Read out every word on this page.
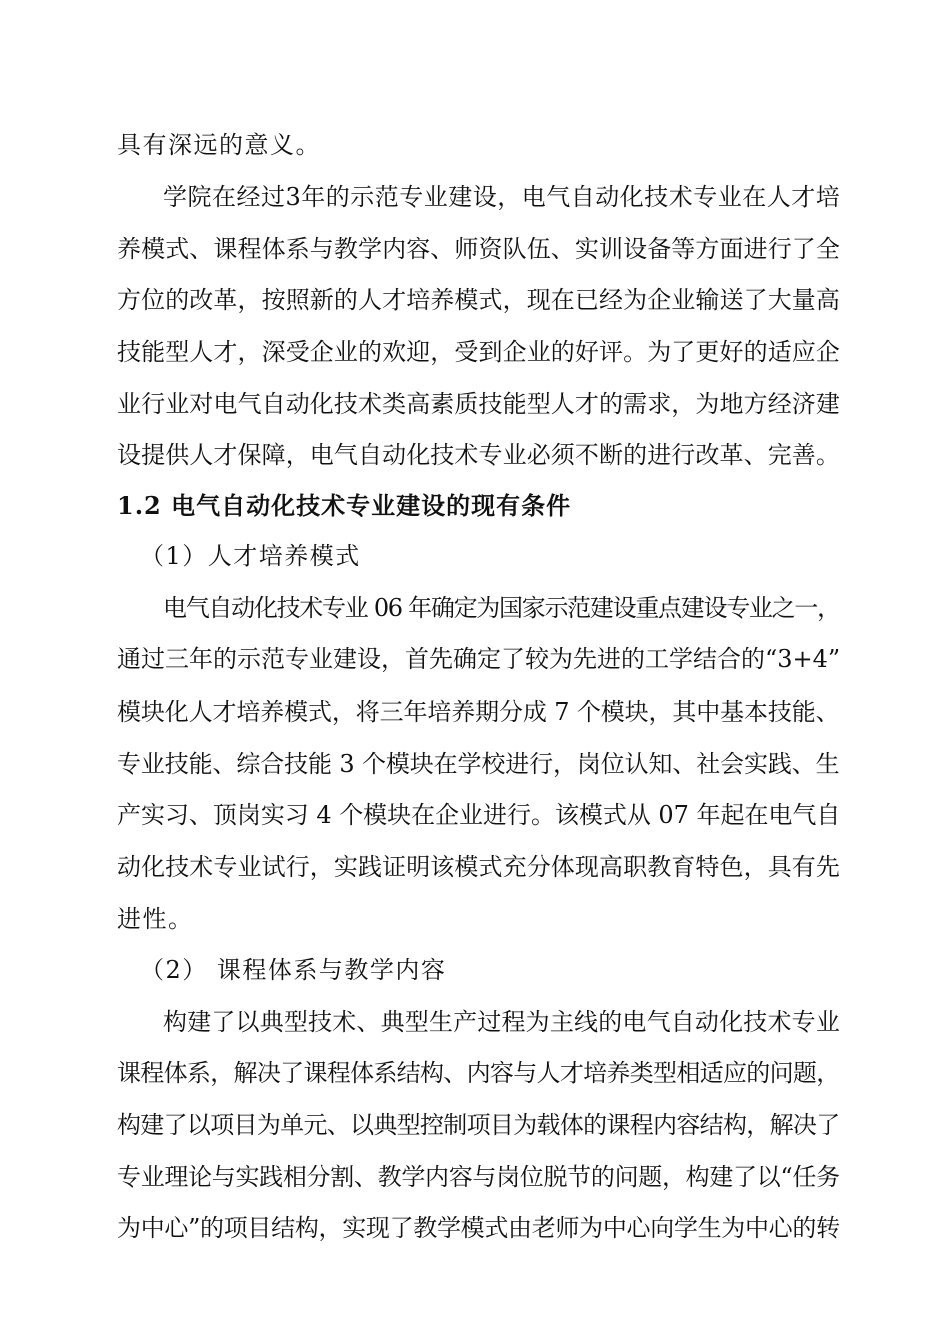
具有深远的意义。
学院在经过3年的示范专业建设，电气自动化技术专业在人才培
养模式、课程体系与教学内容、师资队伍、实训设备等方面进行了全
方位的改革，按照新的人才培养模式，现在已经为企业输送了大量高
技能型人才，深受企业的欢迎，受到企业的好评。为了更好的适应企
业行业对电气自动化技术类高素质技能型人才的需求，为地方经济建
设提供人才保障，电气自动化技术专业必须不断的进行改革、完善。
1.2 电气自动化技术专业建设的现有条件
（1）人才培养模式
电气自动化技术专业 06 年确定为国家示范建设重点建设专业之一，
通过三年的示范专业建设，首先确定了较为先进的工学结合的“3+4”
模块化人才培养模式，将三年培养期分成 7 个模块，其中基本技能、
专业技能、综合技能 3 个模块在学校进行，岗位认知、社会实践、生
产实习、顶岗实习 4 个模块在企业进行。该模式从 07 年起在电气自
动化技术专业试行，实践证明该模式充分体现高职教育特色，具有先
进性。
（2） 课程体系与教学内容
构建了以典型技术、典型生产过程为主线的电气自动化技术专业
课程体系，解决了课程体系结构、内容与人才培养类型相适应的问题，
构建了以项目为单元、以典型控制项目为载体的课程内容结构，解决了
专业理论与实践相分割、教学内容与岗位脱节的问题，构建了以“任务
为中心”的项目结构，实现了教学模式由老师为中心向学生为中心的转
